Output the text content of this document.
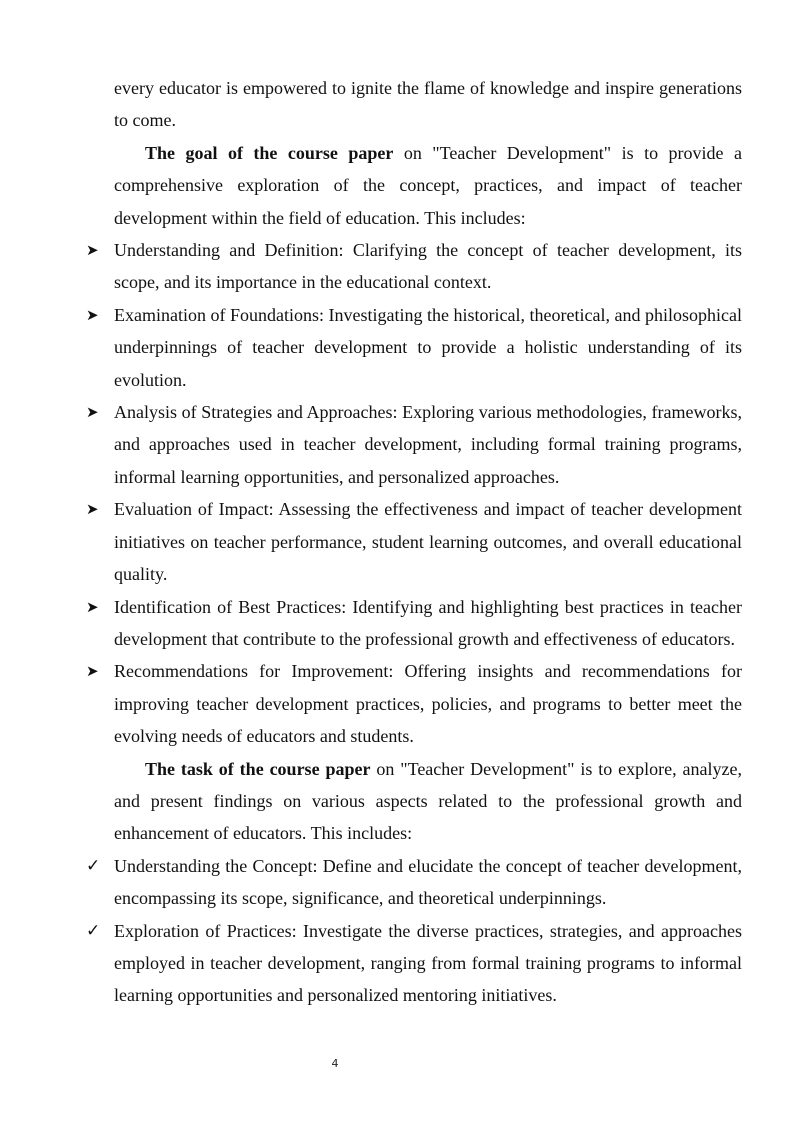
every educator is empowered to ignite the flame of knowledge and inspire generations to come.

The goal of the course paper on "Teacher Development" is to provide a comprehensive exploration of the concept, practices, and impact of teacher development within the field of education. This includes:

➤ Understanding and Definition: Clarifying the concept of teacher development, its scope, and its importance in the educational context.

➤ Examination of Foundations: Investigating the historical, theoretical, and philosophical underpinnings of teacher development to provide a holistic understanding of its evolution.

➤ Analysis of Strategies and Approaches: Exploring various methodologies, frameworks, and approaches used in teacher development, including formal training programs, informal learning opportunities, and personalized approaches.

➤ Evaluation of Impact: Assessing the effectiveness and impact of teacher development initiatives on teacher performance, student learning outcomes, and overall educational quality.

➤ Identification of Best Practices: Identifying and highlighting best practices in teacher development that contribute to the professional growth and effectiveness of educators.

➤ Recommendations for Improvement: Offering insights and recommendations for improving teacher development practices, policies, and programs to better meet the evolving needs of educators and students.

The task of the course paper on "Teacher Development" is to explore, analyze, and present findings on various aspects related to the professional growth and enhancement of educators. This includes:

✓ Understanding the Concept: Define and elucidate the concept of teacher development, encompassing its scope, significance, and theoretical underpinnings.

✓ Exploration of Practices: Investigate the diverse practices, strategies, and approaches employed in teacher development, ranging from formal training programs to informal learning opportunities and personalized mentoring initiatives.

4
